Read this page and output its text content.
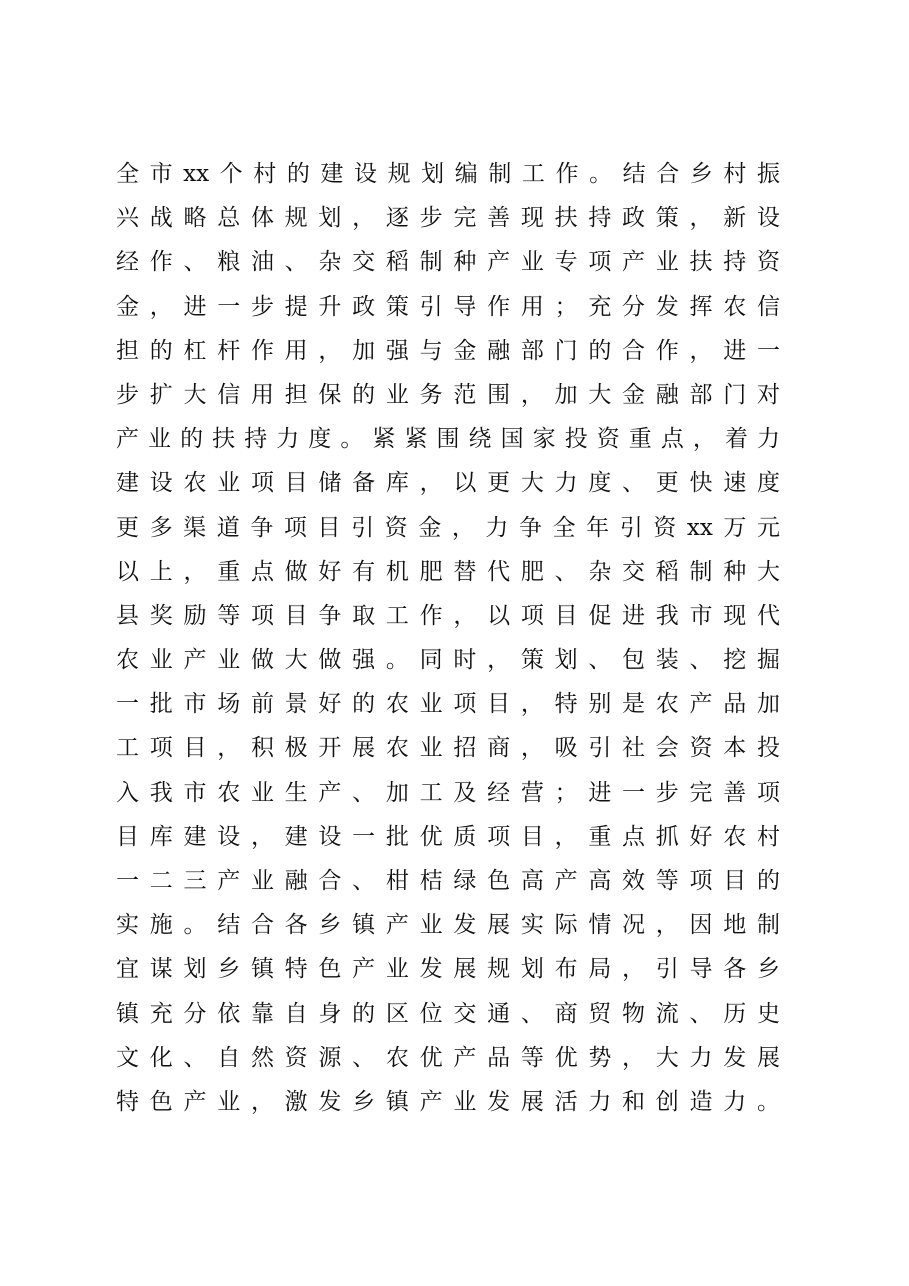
全市xx个村的建设规划编制工作。结合乡村振
兴战略总体规划，逐步完善现扶持政策，新设
经作、粮油、杂交稻制种产业专项产业扶持资
金，进一步提升政策引导作用；充分发挥农信
担的杠杆作用，加强与金融部门的合作，进一
步扩大信用担保的业务范围，加大金融部门对
产业的扶持力度。紧紧围绕国家投资重点，着力
建设农业项目储备库，以更大力度、更快速度
更多渠道争项目引资金，力争全年引资xx万元
以上，重点做好有机肥替代肥、杂交稻制种大
县奖励等项目争取工作，以项目促进我市现代
农业产业做大做强。同时，策划、包装、挖掘
一批市场前景好的农业项目，特别是农产品加
工项目，积极开展农业招商，吸引社会资本投
入我市农业生产、加工及经营；进一步完善项
目库建设，建设一批优质项目，重点抓好农村
一二三产业融合、柑桔绿色高产高效等项目的
实施。结合各乡镇产业发展实际情况，因地制
宜谋划乡镇特色产业发展规划布局，引导各乡
镇充分依靠自身的区位交通、商贸物流、历史
文化、自然资源、农优产品等优势，大力发展
特色产业，激发乡镇产业发展活力和创造力。
